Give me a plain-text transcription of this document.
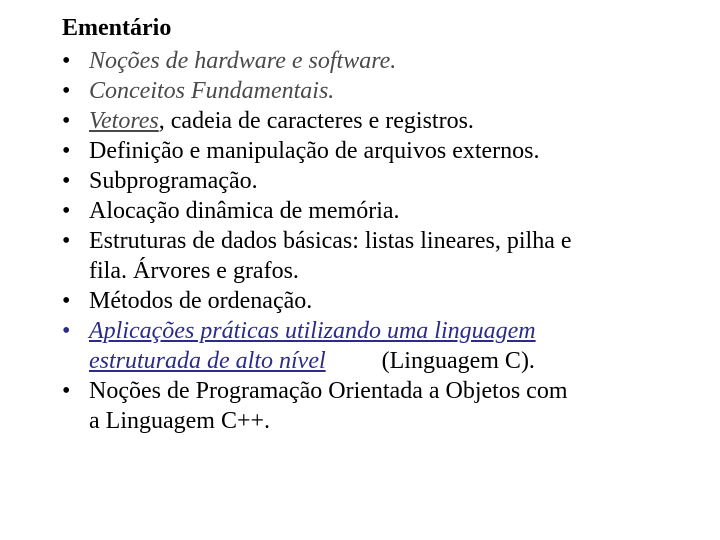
Ementário
• Noções de hardware e software.
• Conceitos Fundamentais.
• Vetores, cadeia de caracteres e registros.
• Definição e manipulação de arquivos externos.
• Subprogramação.
• Alocação dinâmica de memória.
• Estruturas de dados básicas: listas lineares, pilha e
fila. Árvores e grafos.
• Métodos de ordenação.
• Aplicações práticas utilizando uma linguagem
estruturada de alto nível (Linguagem C).
• Noções de Programação Orientada a Objetos com
a Linguagem C++.
